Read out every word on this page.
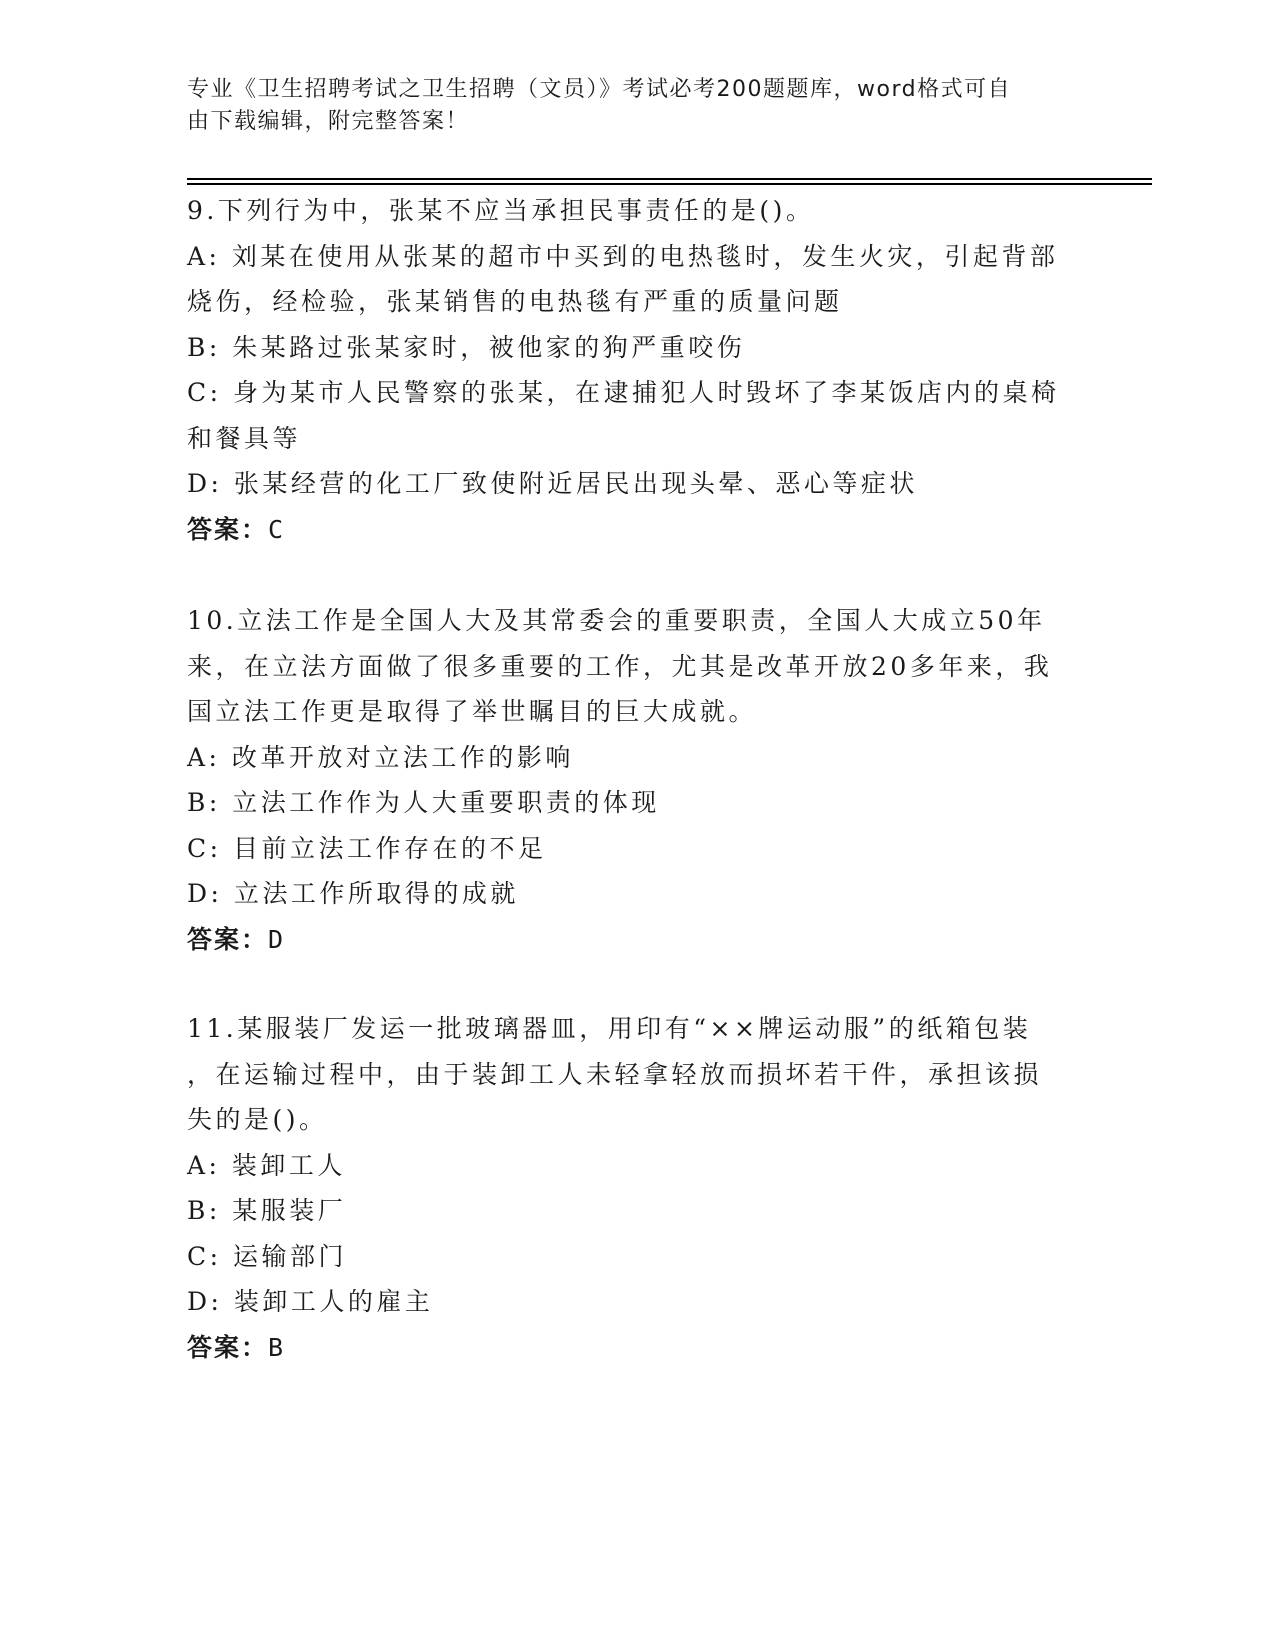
专业《卫生招聘考试之卫生招聘（文员）》考试必考200题题库，word格式可自

由下载编辑，附完整答案！

9.下列行为中，张某不应当承担民事责任的是()。

A: 刘某在使用从张某的超市中买到的电热毯时，发生火灾，引起背部

烧伤，经检验，张某销售的电热毯有严重的质量问题

B: 朱某路过张某家时，被他家的狗严重咬伤

C: 身为某市人民警察的张某，在逮捕犯人时毁坏了李某饭店内的桌椅

和餐具等

D: 张某经营的化工厂致使附近居民出现头晕、恶心等症状

答案：C

10.立法工作是全国人大及其常委会的重要职责，全国人大成立50年

来，在立法方面做了很多重要的工作，尤其是改革开放20多年来，我

国立法工作更是取得了举世瞩目的巨大成就。

A: 改革开放对立法工作的影响

B: 立法工作作为人大重要职责的体现

C: 目前立法工作存在的不足

D: 立法工作所取得的成就

答案：D

11.某服装厂发运一批玻璃器皿，用印有“××牌运动服”的纸箱包装

，在运输过程中，由于装卸工人未轻拿轻放而损坏若干件，承担该损

失的是()。

A: 装卸工人

B: 某服装厂

C: 运输部门

D: 装卸工人的雇主

答案：B
